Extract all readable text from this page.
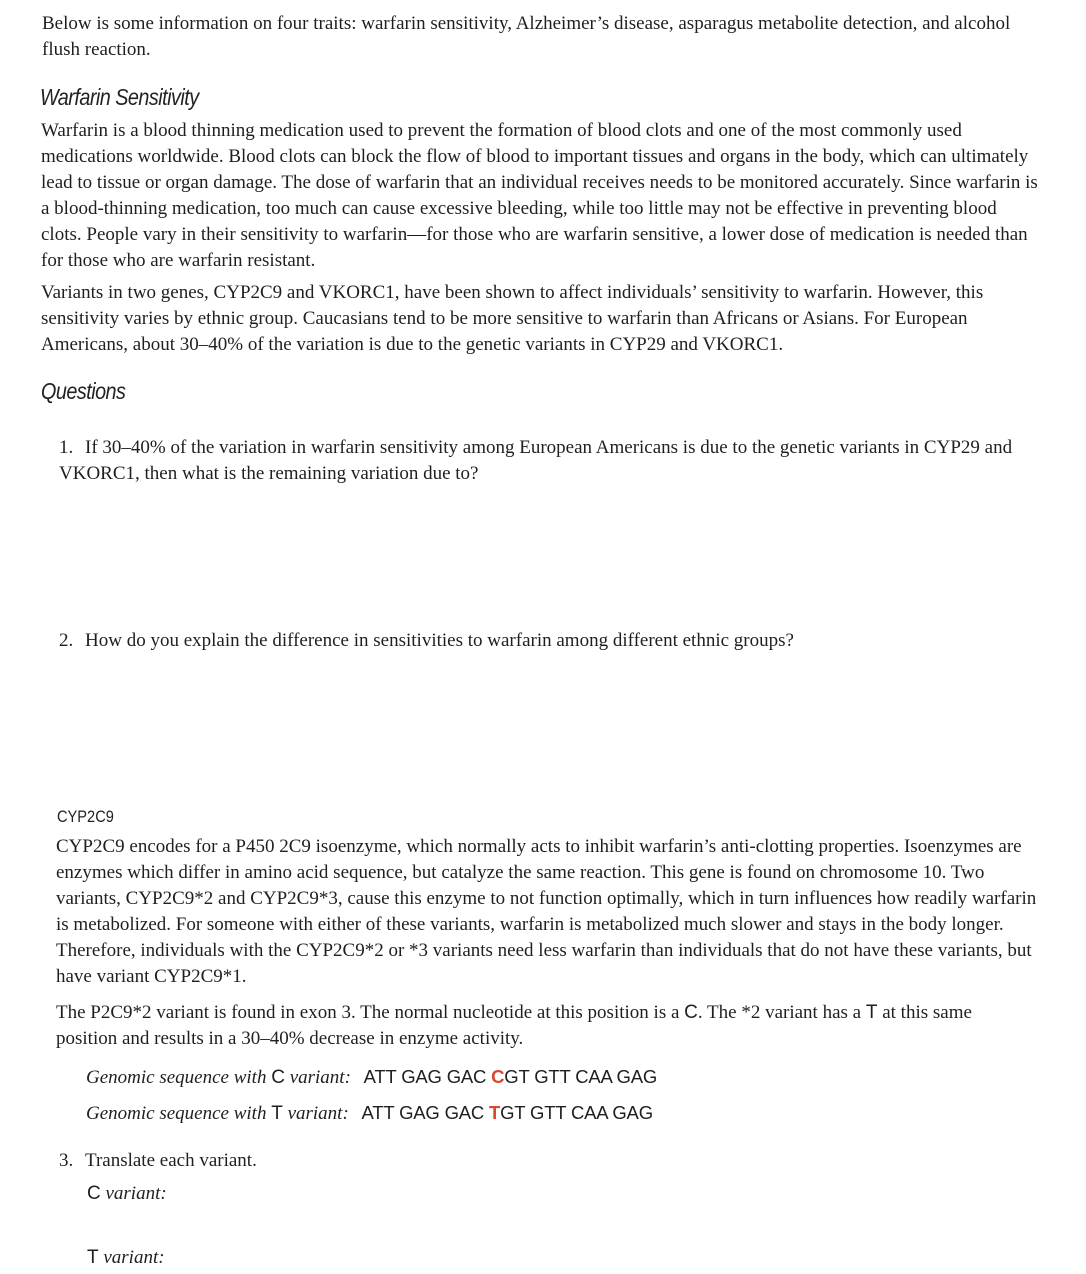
Below is some information on four traits: warfarin sensitivity, Alzheimer’s disease, asparagus metabolite detection, and alcohol flush reaction.

Warfarin Sensitivity

Warfarin is a blood thinning medication used to prevent the formation of blood clots and one of the most commonly used medications worldwide. Blood clots can block the flow of blood to important tissues and organs in the body, which can ultimately lead to tissue or organ damage. The dose of warfarin that an individual receives needs to be monitored accurately. Since warfarin is a blood-thinning medication, too much can cause excessive bleeding, while too little may not be effective in preventing blood clots. People vary in their sensitivity to warfarin—for those who are warfarin sensitive, a lower dose of medication is needed than for those who are warfarin resistant.

Variants in two genes, CYP2C9 and VKORC1, have been shown to affect individuals’ sensitivity to warfarin. However, this sensitivity varies by ethnic group. Caucasians tend to be more sensitive to warfarin than Africans or Asians. For European Americans, about 30–40% of the variation is due to the genetic variants in CYP29 and VKORC1.

Questions
1. If 30–40% of the variation in warfarin sensitivity among European Americans is due to the genetic variants in CYP29 and VKORC1, then what is the remaining variation due to?
2. How do you explain the difference in sensitivities to warfarin among different ethnic groups?
CYP2C9

CYP2C9 encodes for a P450 2C9 isoenzyme, which normally acts to inhibit warfarin’s anti-clotting properties. Isoenzymes are enzymes which differ in amino acid sequence, but catalyze the same reaction. This gene is found on chromosome 10. Two variants, CYP2C9*2 and CYP2C9*3, cause this enzyme to not function optimally, which in turn influences how readily warfarin is metabolized. For someone with either of these variants, warfarin is metabolized much slower and stays in the body longer. Therefore, individuals with the CYP2C9*2 or *3 variants need less warfarin than individuals that do not have these variants, but have variant CYP2C9*1.

The P2C9*2 variant is found in exon 3. The normal nucleotide at this position is a C. The *2 variant has a T at this same position and results in a 30–40% decrease in enzyme activity.

Genomic sequence with C variant: ATT GAG GAC CGT GTT CAA GAG
Genomic sequence with T variant: ATT GAG GAC TGT GTT CAA GAG
3. Translate each variant.
C variant:
T variant:
